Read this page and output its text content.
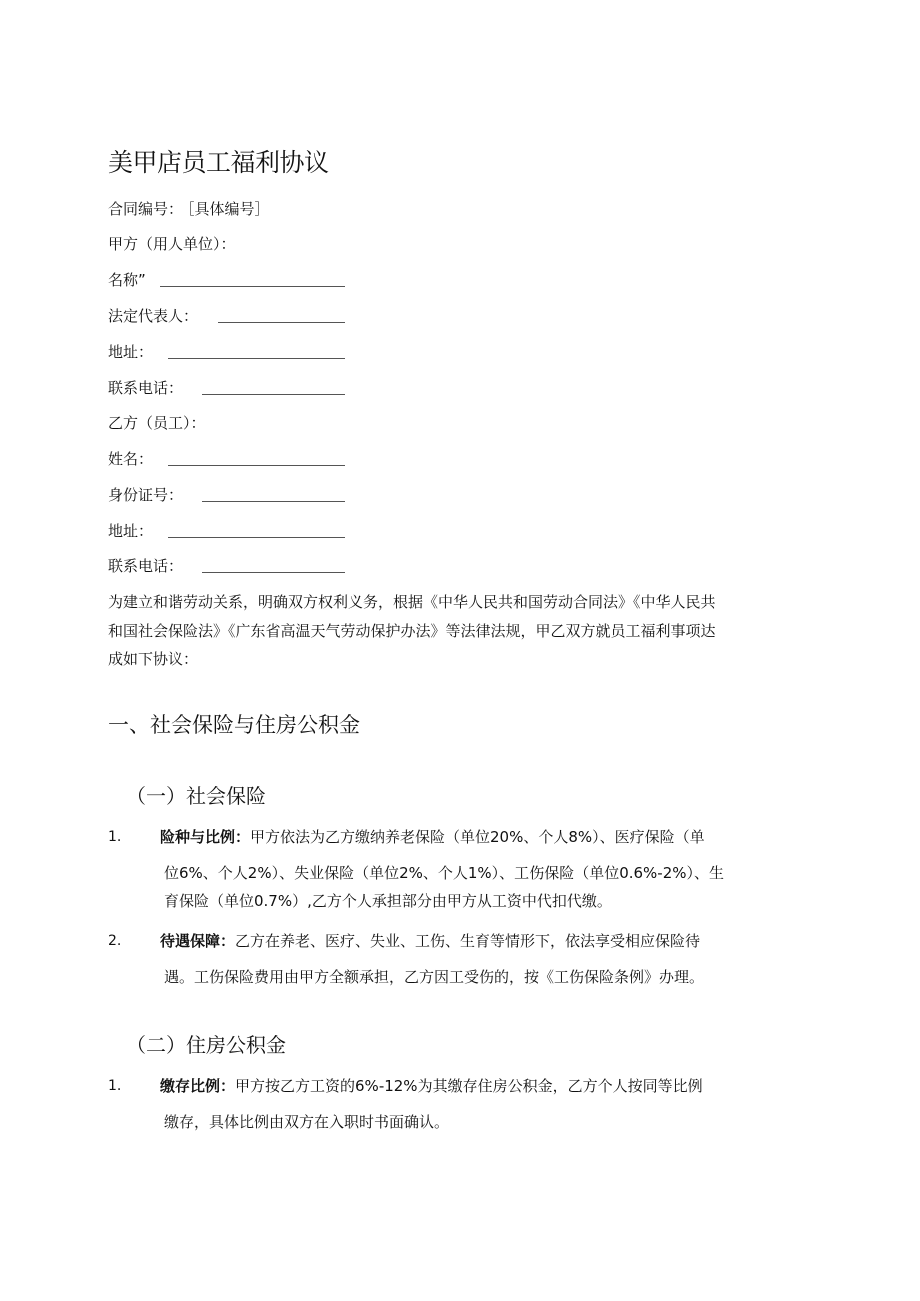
美甲店员工福利协议
合同编号： ［具体编号］
甲方（用人单位）：
名称”
法定代表人：
地址：
联系电话：
乙方（员工）：
姓名：
身份证号：
地址：
联系电话：
为建立和谐劳动关系，明确双方权利义务，根据《中华人民共和国劳动合同法》《中华人民共
和国社会保险法》《广东省高温天气劳动保护办法》等法律法规，甲乙双方就员工福利事项达
成如下协议：
一、社会保险与住房公积金
（一）社会保险
1.	险种与比例：甲方依法为乙方缴纳养老保险（单位20%、个人8%）、医疗保险（单
位6%、个人2%）、失业保险（单位2%、个人1%）、工伤保险（单位0.6%-2%）、生
育保险（单位0.7%）,乙方个人承担部分由甲方从工资中代扣代缴。
2.	待遇保障：乙方在养老、医疗、失业、工伤、生育等情形下，依法享受相应保险待
遇。工伤保险费用由甲方全额承担，乙方因工受伤的，按《工伤保险条例》办理。
（二）住房公积金
1.	缴存比例：甲方按乙方工资的6%-12%为其缴存住房公积金，乙方个人按同等比例
缴存，具体比例由双方在入职时书面确认。
